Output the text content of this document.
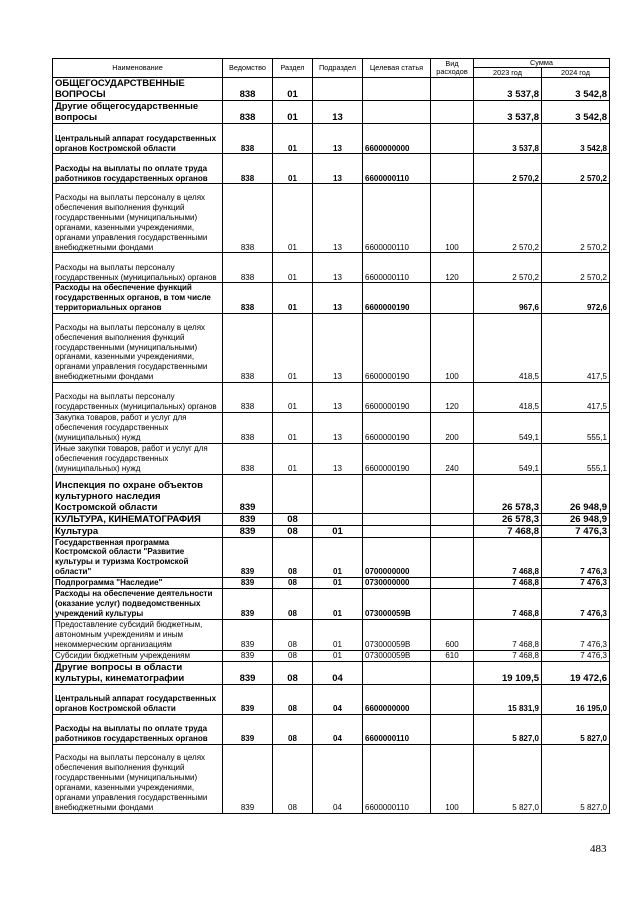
Наименование	Ведомство	Раздел	Подраздел	Целевая статья	Вид расходов	Сумма	
						2023 год	2024 год
ОБЩЕГОСУДАРСТВЕННЫЕ ВОПРОСЫ	838	01				3 537,8	3 542,8
Другие общегосударственные вопросы	838	01	13			3 537,8	3 542,8
Центральный аппарат государственных органов Костромской области	838	01	13	6600000000		3 537,8	3 542,8
Расходы на выплаты по оплате труда работников государственных органов	838	01	13	6600000110		2 570,2	2 570,2
Расходы на выплаты персоналу в целях обеспечения выполнения функций государственными (муниципальными) органами, казенными учреждениями, органами управления государственными внебюджетными фондами	838	01	13	6600000110	100	2 570,2	2 570,2
Расходы на выплаты персоналу государственных (муниципальных) органов	838	01	13	6600000110	120	2 570,2	2 570,2
Расходы на обеспечение функций государственных органов, в том числе территориальных органов	838	01	13	6600000190		967,6	972,6
Расходы на выплаты персоналу в целях обеспечения выполнения функций государственными (муниципальными) органами, казенными учреждениями, органами управления государственными внебюджетными фондами	838	01	13	6600000190	100	418,5	417,5
Расходы на выплаты персоналу государственных (муниципальных) органов	838	01	13	6600000190	120	418,5	417,5
Закупка товаров, работ и услуг для обеспечения государственных (муниципальных) нужд	838	01	13	6600000190	200	549,1	555,1
Иные закупки товаров, работ и услуг для обеспечения государственных (муниципальных) нужд	838	01	13	6600000190	240	549,1	555,1
Инспекция по охране объектов культурного наследия Костромской области	839					26 578,3	26 948,9
КУЛЬТУРА, КИНЕМАТОГРАФИЯ	839	08				26 578,3	26 948,9
Культура	839	08	01			7 468,8	7 476,3
Государственная программа Костромской области "Развитие культуры и туризма Костромской области"	839	08	01	0700000000		7 468,8	7 476,3
Подпрограмма "Наследие"	839	08	01	0730000000		7 468,8	7 476,3
Расходы на обеспечение деятельности (оказание услуг) подведомственных учреждений культуры	839	08	01	073000059В		7 468,8	7 476,3
Предоставление субсидий бюджетным, автономным учреждениям и иным некоммерческим организациям	839	08	01	073000059В	600	7 468,8	7 476,3
Субсидии бюджетным учреждениям	839	08	01	073000059В	610	7 468,8	7 476,3
Другие вопросы в области культуры, кинематографии	839	08	04			19 109,5	19 472,6
Центральный аппарат государственных органов Костромской области	839	08	04	6600000000		15 831,9	16 195,0
Расходы на выплаты по оплате труда работников государственных органов	839	08	04	6600000110		5 827,0	5 827,0
Расходы на выплаты персоналу в целях обеспечения выполнения функций государственными (муниципальными) органами, казенными учреждениями, органами управления государственными внебюджетными фондами	839	08	04	6600000110	100	5 827,0	5 827,0
483
